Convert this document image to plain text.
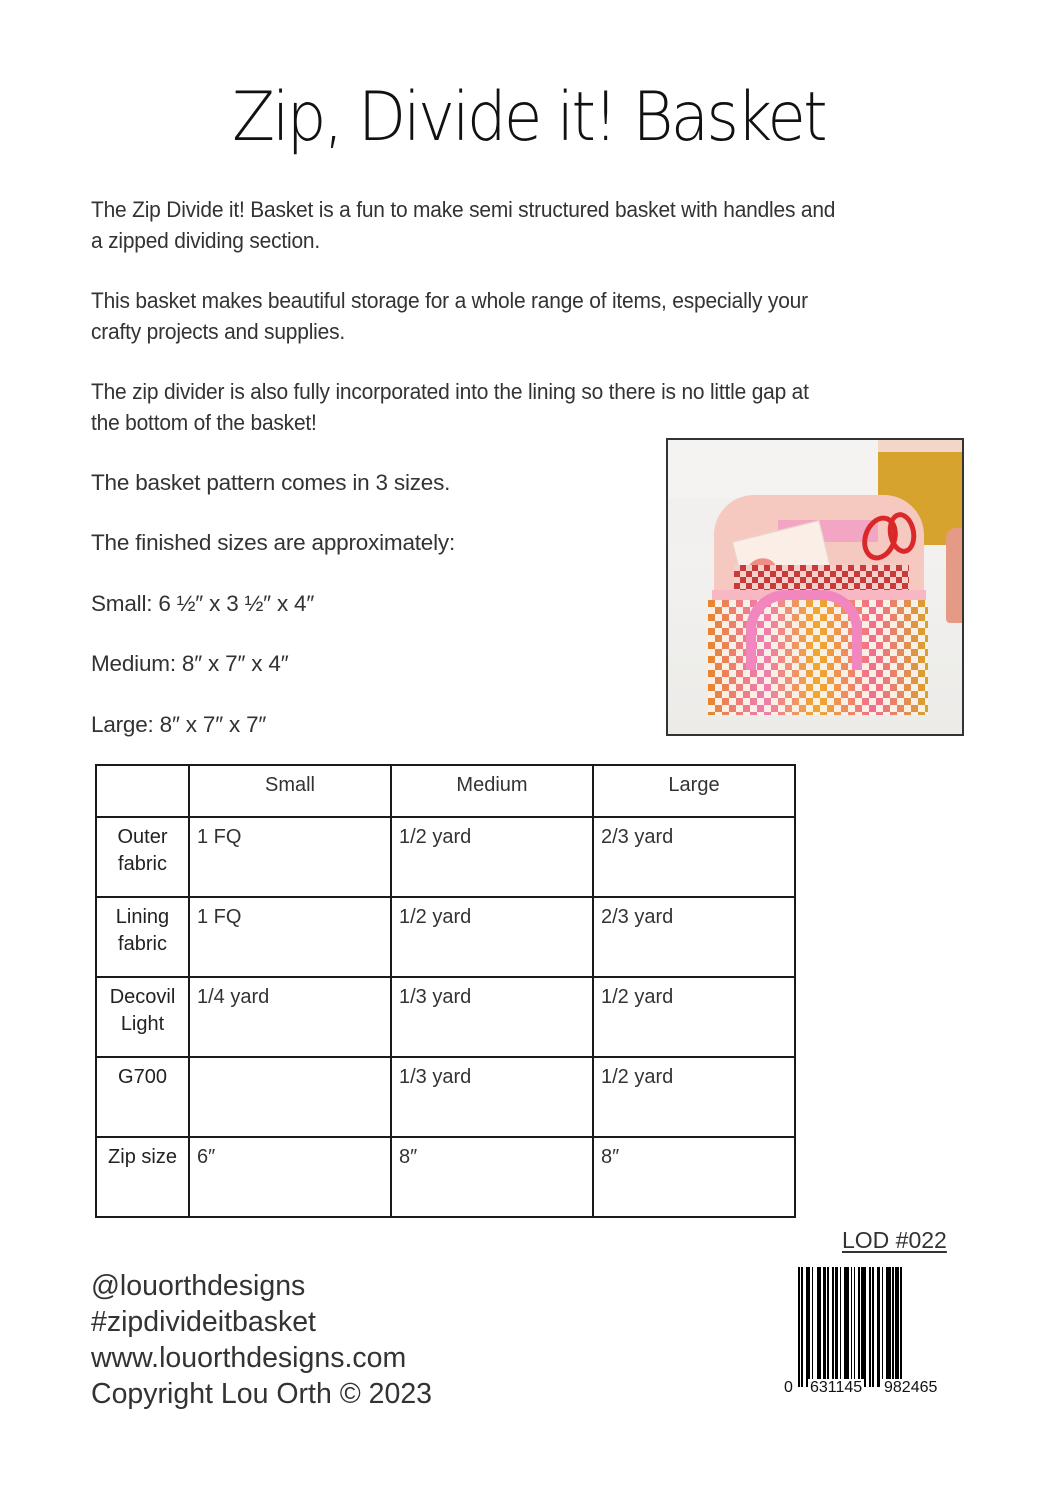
Zip, Divide it! Basket

The Zip Divide it! Basket is a fun to make semi structured basket with handles and
a zipped dividing section.

This basket makes beautiful storage for a whole range of items, especially your
crafty projects and supplies.

The zip divider is also fully incorporated into the lining so there is no little gap at
the bottom of the basket!

The basket pattern comes in 3 sizes.

The finished sizes are approximately:

Small: 6 ½″ x 3 ½″ x 4″

Medium: 8″ x 7″ x 4″

Large: 8″ x 7″ x 7″

	Small	Medium	Large
Outer
fabric	1 FQ	1/2 yard	2/3 yard
Lining
fabric	1 FQ	1/2 yard	2/3 yard
Decovil
Light	1/4 yard	1/3 yard	1/2 yard
G700		1/3 yard	1/2 yard
Zip size	6″	8″	8″
LOD #022
0 631145 982465
@louorthdesigns
#zipdivideitbasket
www.louorthdesigns.com
Copyright Lou Orth © 2023
